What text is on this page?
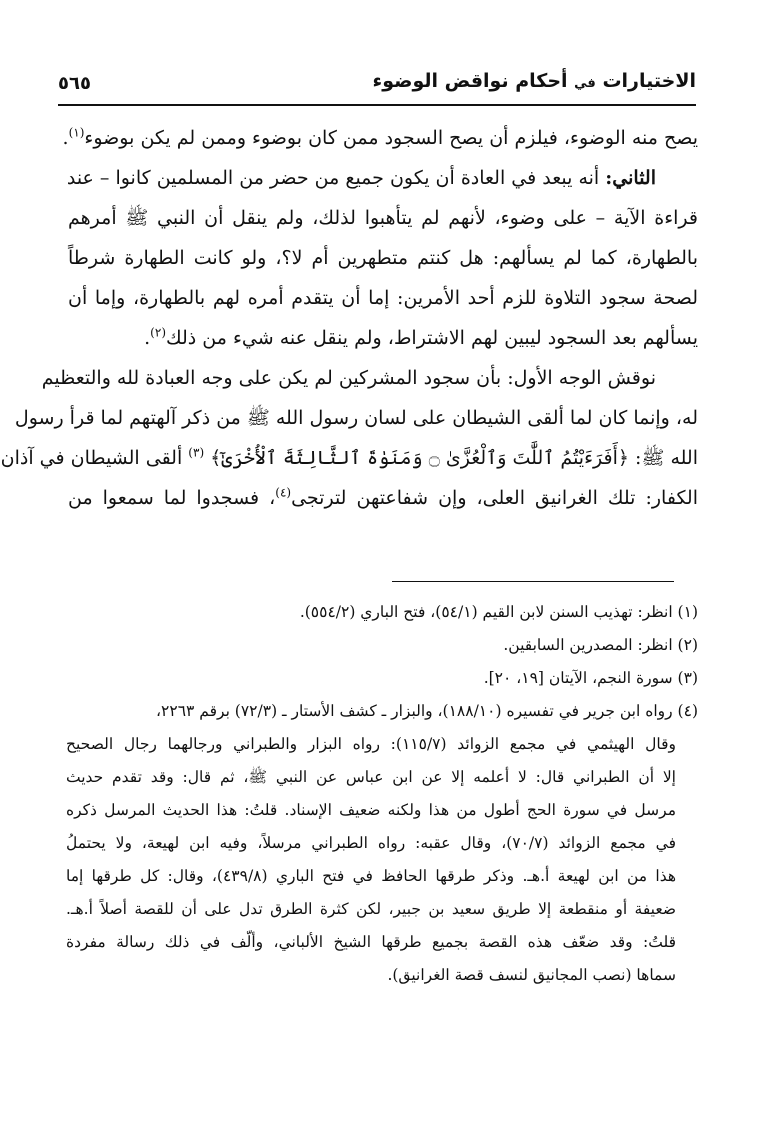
الاختيارات في أحكام نواقض الوضوء
٥٦٥
يصح منه الوضوء، فيلزم أن يصح السجود ممن كان بوضوء وممن لم يكن بوضوء$^{(١)}$.
الثاني: أنه يبعد في العادة أن يكون جميع من حضر من المسلمين كانوا – عند
قراءة الآية – على وضوء، لأنهم لم يتأهبوا لذلك، ولم ينقل أن النبي ﷺ أمرهم
بالطهارة، كما لم يسألهم: هل كنتم متطهرين أم لا؟، ولو كانت الطهارة شرطاً
لصحة سجود التلاوة للزم أحد الأمرين: إما أن يتقدم أمره لهم بالطهارة، وإما أن
يسألهم بعد السجود ليبين لهم الاشتراط، ولم ينقل عنه شيء من ذلك$^{(٢)}$.
نوقش الوجه الأول: بأن سجود المشركين لم يكن على وجه العبادة لله والتعظيم
له، وإنما كان لما ألقى الشيطان على لسان رسول الله ﷺ من ذكر آلهتهم لما قرأ رسول
الله ﷺ: ﴿أَفَرَءَيْتُمُ ٱللَّٰتَ وَٱلْعُزَّىٰ ۝ وَمَنَوٰةَ ٱلثَّالِثَةَ ٱلْأُخْرَىٰٓ﴾ $^{(٣)}$ ألقى الشيطان في آذان
الكفار: تلك الغرانيق العلى، وإن شفاعتهن لترتجى$^{(٤)}$، فسجدوا لما سمعوا من
(١) انظر: تهذيب السنن لابن القيم (٥٤/١)، فتح الباري (٥٥٤/٢).
(٢) انظر: المصدرين السابقين.
(٣) سورة النجم، الآيتان [١٩، ٢٠].
(٤) رواه ابن جرير في تفسيره (١٨٨/١٠)، والبزار ـ كشف الأستار ـ (٧٢/٣) برقم ٢٢٦٣،
وقال الهيثمي في مجمع الزوائد (١١٥/٧): رواه البزار والطبراني ورجالهما رجال الصحيح
إلا أن الطبراني قال: لا أعلمه إلا عن ابن عباس عن النبي ﷺ، ثم قال: وقد تقدم حديث
مرسل في سورة الحج أطول من هذا ولكنه ضعيف الإسناد. قلتُ: هذا الحديث المرسل ذكره
في مجمع الزوائد (٧٠/٧)، وقال عقبه: رواه الطبراني مرسلاً، وفيه ابن لهيعة، ولا يحتملُ
هذا من ابن لهيعة أ.هـ. وذكر طرقها الحافظ في فتح الباري (٤٣٩/٨)، وقال: كل طرقها إما
ضعيفة أو منقطعة إلا طريق سعيد بن جبير، لكن كثرة الطرق تدل على أن للقصة أصلاً أ.هـ.
قلتُ: وقد ضعّف هذه القصة بجميع طرقها الشيخ الألباني، وألّف في ذلك رسالة مفردة
سماها (نصب المجانيق لنسف قصة الغرانيق).
